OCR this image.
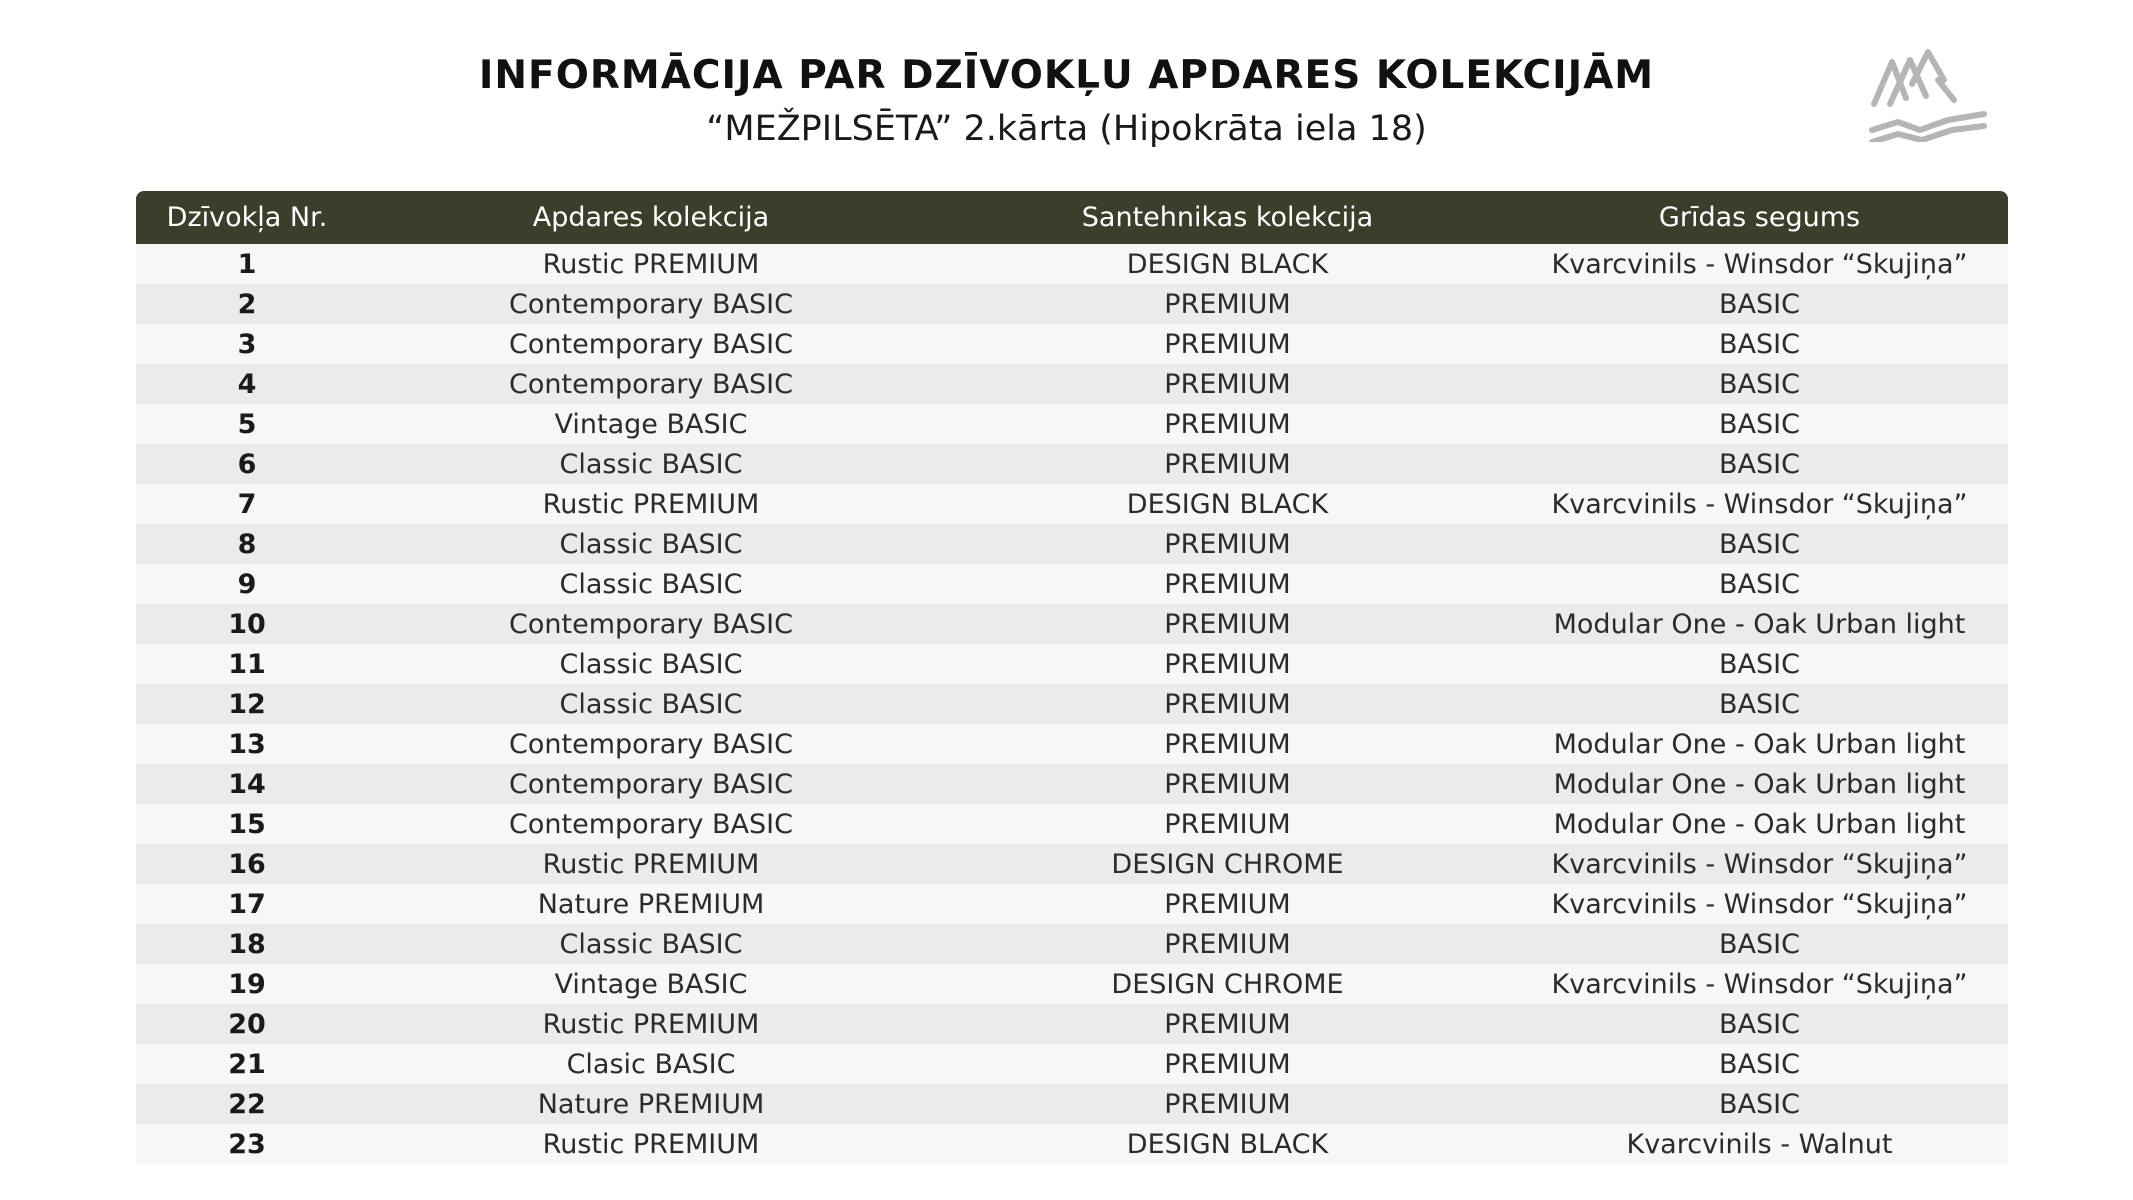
INFORMĀCIJA PAR DZĪVOKĻU APDARES KOLEKCIJĀM
“MEŽPILSĒTA” 2.kārta (Hipokrāta iela 18)
Dzīvokļa Nr.	Apdares kolekcija	Santehnikas kolekcija	Grīdas segums
1	Rustic PREMIUM	DESIGN BLACK	Kvarcvinils - Winsdor “Skujiņa”
2	Contemporary BASIC	PREMIUM	BASIC
3	Contemporary BASIC	PREMIUM	BASIC
4	Contemporary BASIC	PREMIUM	BASIC
5	Vintage BASIC	PREMIUM	BASIC
6	Classic BASIC	PREMIUM	BASIC
7	Rustic PREMIUM	DESIGN BLACK	Kvarcvinils - Winsdor “Skujiņa”
8	Classic BASIC	PREMIUM	BASIC
9	Classic BASIC	PREMIUM	BASIC
10	Contemporary BASIC	PREMIUM	Modular One - Oak Urban light
11	Classic BASIC	PREMIUM	BASIC
12	Classic BASIC	PREMIUM	BASIC
13	Contemporary BASIC	PREMIUM	Modular One - Oak Urban light
14	Contemporary BASIC	PREMIUM	Modular One - Oak Urban light
15	Contemporary BASIC	PREMIUM	Modular One - Oak Urban light
16	Rustic PREMIUM	DESIGN CHROME	Kvarcvinils - Winsdor “Skujiņa”
17	Nature PREMIUM	PREMIUM	Kvarcvinils - Winsdor “Skujiņa”
18	Classic BASIC	PREMIUM	BASIC
19	Vintage BASIC	DESIGN CHROME	Kvarcvinils - Winsdor “Skujiņa”
20	Rustic PREMIUM	PREMIUM	BASIC
21	Clasic BASIC	PREMIUM	BASIC
22	Nature PREMIUM	PREMIUM	BASIC
23	Rustic PREMIUM	DESIGN BLACK	Kvarcvinils - Walnut
